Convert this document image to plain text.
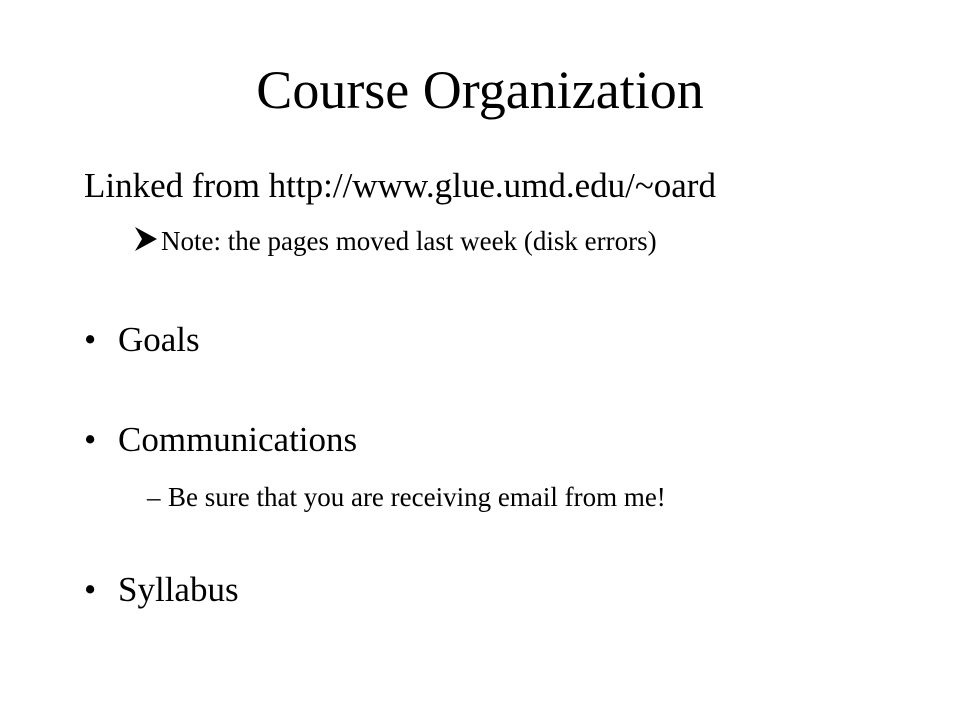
Course Organization
Linked from http://www.glue.umd.edu/~oard
Note: the pages moved last week (disk errors)
• Goals
• Communications
– Be sure that you are receiving email from me!
• Syllabus
